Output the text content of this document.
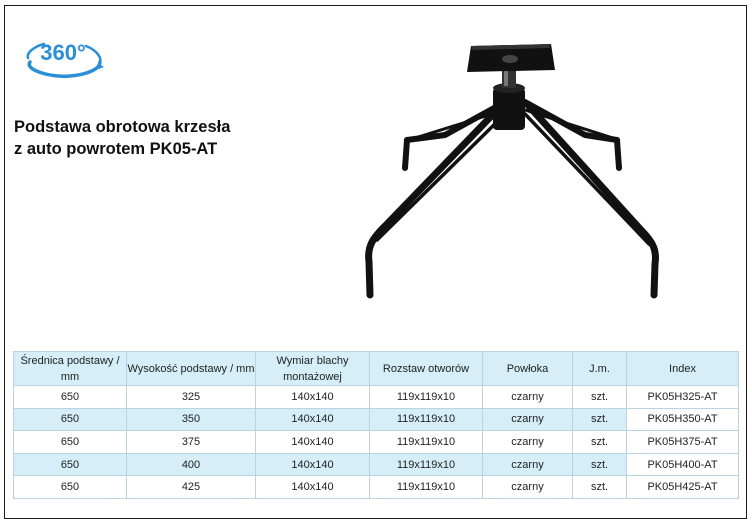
360°
Podstawa obrotowa krzesła
z auto powrotem PK05-AT
Średnica podstawy / mm	Wysokość podstawy / mm	Wymiar blachy montażowej	Rozstaw otworów	Powłoka	J.m.	Index
650	325	140x140	119x119x10	czarny	szt.	PK05H325-AT
650	350	140x140	119x119x10	czarny	szt.	PK05H350-AT
650	375	140x140	119x119x10	czarny	szt.	PK05H375-AT
650	400	140x140	119x119x10	czarny	szt.	PK05H400-AT
650	425	140x140	119x119x10	czarny	szt.	PK05H425-AT
